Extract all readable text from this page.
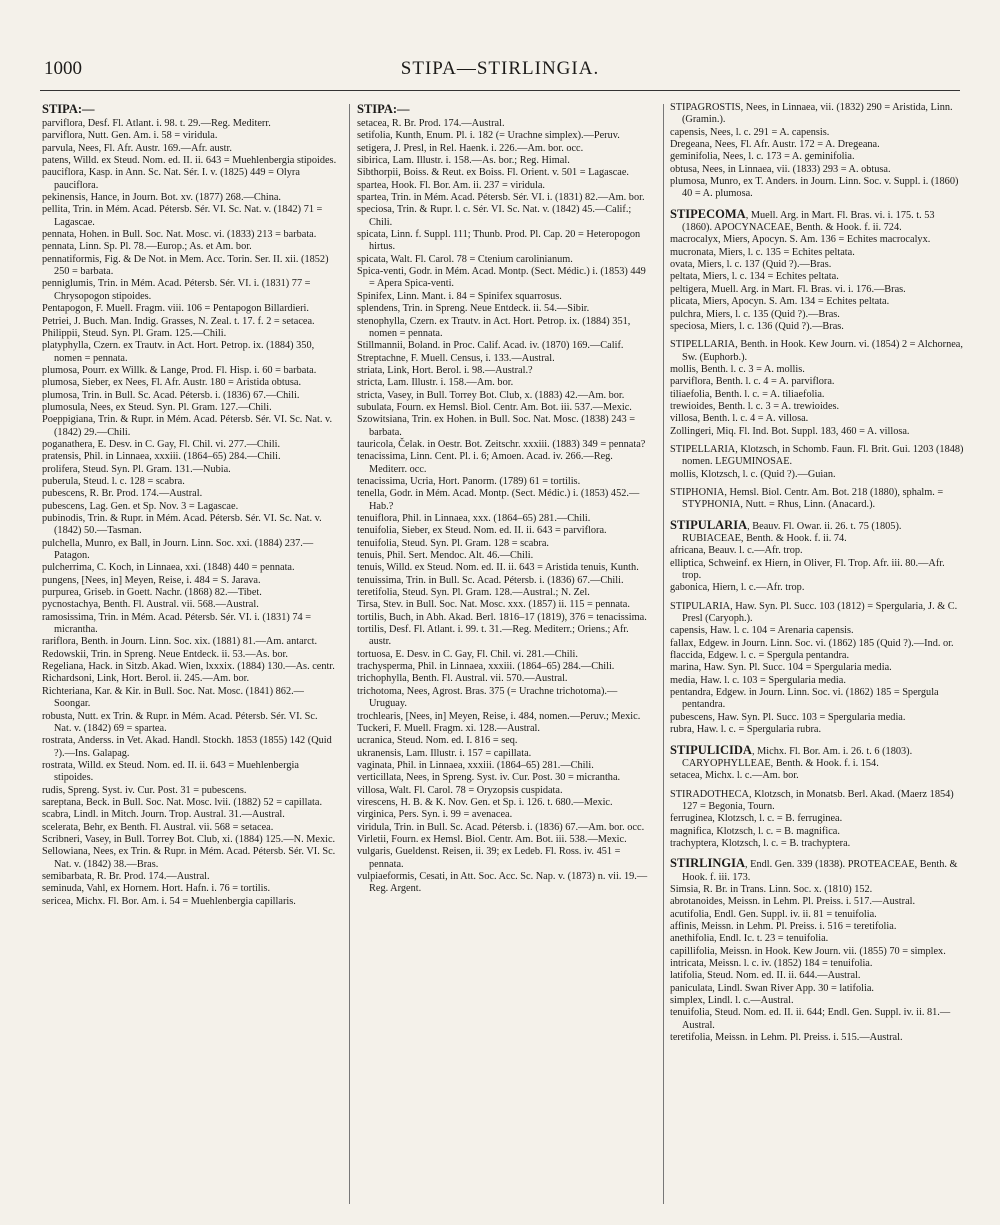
1000	STIPA—STIRLINGIA.

STIPA:—

parviflora, Desf. Fl. Atlant. i. 98. t. 29.—Reg. Mediterr.

parviflora, Nutt. Gen. Am. i. 58 = viridula.

parvula, Nees, Fl. Afr. Austr. 169.—Afr. austr.

patens, Willd. ex Steud. Nom. ed. II. ii. 643 = Muehlenbergia stipoides.

pauciflora, Kasp. in Ann. Sc. Nat. Sér. I. v. (1825) 449 = Olyra pauciflora.

pekinensis, Hance, in Journ. Bot. xv. (1877) 268.—China.

pellita, Trin. in Mém. Acad. Pétersb. Sér. VI. Sc. Nat. v. (1842) 71 = Lagascae.

pennata, Hohen. in Bull. Soc. Nat. Mosc. vi. (1833) 213 = barbata.

pennata, Linn. Sp. Pl. 78.—Europ.; As. et Am. bor.

pennatiformis, Fig. & De Not. in Mem. Acc. Torin. Ser. II. xii. (1852) 250 = barbata.

penniglumis, Trin. in Mém. Acad. Pétersb. Sér. VI. i. (1831) 77 = Chrysopogon stipoides.

Pentapogon, F. Muell. Fragm. viii. 106 = Pentapogon Billardieri.

Petriei, J. Buch. Man. Indig. Grasses, N. Zeal. t. 17. f. 2 = setacea.

Philippii, Steud. Syn. Pl. Gram. 125.—Chili.

platyphylla, Czern. ex Trautv. in Act. Hort. Petrop. ix. (1884) 350, nomen = pennata.

plumosa, Pourr. ex Willk. & Lange, Prod. Fl. Hisp. i. 60 = barbata.

plumosa, Sieber, ex Nees, Fl. Afr. Austr. 180 = Aristida obtusa.

plumosa, Trin. in Bull. Sc. Acad. Pétersb. i. (1836) 67.—Chili.

plumosula, Nees, ex Steud. Syn. Pl. Gram. 127.—Chili.

Poeppigiana, Trin. & Rupr. in Mém. Acad. Pétersb. Sér. VI. Sc. Nat. v. (1842) 29.—Chili.

poganathera, E. Desv. in C. Gay, Fl. Chil. vi. 277.—Chili.

pratensis, Phil. in Linnaea, xxxiii. (1864–65) 284.—Chili.

prolifera, Steud. Syn. Pl. Gram. 131.—Nubia.

puberula, Steud. l. c. 128 = scabra.

pubescens, R. Br. Prod. 174.—Austral.

pubescens, Lag. Gen. et Sp. Nov. 3 = Lagascae.

pubinodis, Trin. & Rupr. in Mém. Acad. Pétersb. Sér. VI. Sc. Nat. v. (1842) 50.—Tasman.

pulchella, Munro, ex Ball, in Journ. Linn. Soc. xxi. (1884) 237.—Patagon.

pulcherrima, C. Koch, in Linnaea, xxi. (1848) 440 = pennata.

pungens, [Nees, in] Meyen, Reise, i. 484 = S. Jarava.

purpurea, Griseb. in Goett. Nachr. (1868) 82.—Tibet.

pycnostachya, Benth. Fl. Austral. vii. 568.—Austral.

ramosissima, Trin. in Mém. Acad. Pétersb. Sér. VI. i. (1831) 74 = micrantha.

rariflora, Benth. in Journ. Linn. Soc. xix. (1881) 81.—Am. antarct.

Redowskii, Trin. in Spreng. Neue Entdeck. ii. 53.—As. bor.

Regeliana, Hack. in Sitzb. Akad. Wien, lxxxix. (1884) 130.—As. centr.

Richardsoni, Link, Hort. Berol. ii. 245.—Am. bor.

Richteriana, Kar. & Kir. in Bull. Soc. Nat. Mosc. (1841) 862.—Soongar.

robusta, Nutt. ex Trin. & Rupr. in Mém. Acad. Pétersb. Sér. VI. Sc. Nat. v. (1842) 69 = spartea.

rostrata, Anderss. in Vet. Akad. Handl. Stockh. 1853 (1855) 142 (Quid ?).—Ins. Galapag.

rostrata, Willd. ex Steud. Nom. ed. II. ii. 643 = Muehlenbergia stipoides.

rudis, Spreng. Syst. iv. Cur. Post. 31 = pubescens.

sareptana, Beck. in Bull. Soc. Nat. Mosc. lvii. (1882) 52 = capillata.

scabra, Lindl. in Mitch. Journ. Trop. Austral. 31.—Austral.

scelerata, Behr, ex Benth. Fl. Austral. vii. 568 = setacea.

Scribneri, Vasey, in Bull. Torrey Bot. Club, xi. (1884) 125.—N. Mexic.

Sellowiana, Nees, ex Trin. & Rupr. in Mém. Acad. Pétersb. Sér. VI. Sc. Nat. v. (1842) 38.—Bras.

semibarbata, R. Br. Prod. 174.—Austral.

seminuda, Vahl, ex Hornem. Hort. Hafn. i. 76 = tortilis.

sericea, Michx. Fl. Bor. Am. i. 54 = Muehlenbergia capillaris.

STIPA:—

setacea, R. Br. Prod. 174.—Austral.

setifolia, Kunth, Enum. Pl. i. 182 (= Urachne simplex).—Peruv.

setigera, J. Presl, in Rel. Haenk. i. 226.—Am. bor. occ.

sibirica, Lam. Illustr. i. 158.—As. bor.; Reg. Himal.

Sibthorpii, Boiss. & Reut. ex Boiss. Fl. Orient. v. 501 = Lagascae.

spartea, Hook. Fl. Bor. Am. ii. 237 = viridula.

spartea, Trin. in Mém. Acad. Pétersb. Sér. VI. i. (1831) 82.—Am. bor.

speciosa, Trin. & Rupr. l. c. Sér. VI. Sc. Nat. v. (1842) 45.—Calif.; Chili.

spicata, Linn. f. Suppl. 111; Thunb. Prod. Pl. Cap. 20 = Heteropogon hirtus.

spicata, Walt. Fl. Carol. 78 = Ctenium carolinianum.

Spica-venti, Godr. in Mém. Acad. Montp. (Sect. Médic.) i. (1853) 449 = Apera Spica-venti.

Spinifex, Linn. Mant. i. 84 = Spinifex squarrosus.

splendens, Trin. in Spreng. Neue Entdeck. ii. 54.—Sibir.

stenophylla, Czern. ex Trautv. in Act. Hort. Petrop. ix. (1884) 351, nomen = pennata.

Stillmannii, Boland. in Proc. Calif. Acad. iv. (1870) 169.—Calif.

Streptachne, F. Muell. Census, i. 133.—Austral.

striata, Link, Hort. Berol. i. 98.—Austral.?

stricta, Lam. Illustr. i. 158.—Am. bor.

stricta, Vasey, in Bull. Torrey Bot. Club, x. (1883) 42.—Am. bor.

subulata, Fourn. ex Hemsl. Biol. Centr. Am. Bot. iii. 537.—Mexic.

Szowitsiana, Trin. ex Hohen. in Bull. Soc. Nat. Mosc. (1838) 243 = barbata.

tauricola, Čelak. in Oestr. Bot. Zeitschr. xxxiii. (1883) 349 = pennata?

tenacissima, Linn. Cent. Pl. i. 6; Amoen. Acad. iv. 266.—Reg. Mediterr. occ.

tenacissima, Ucria, Hort. Panorm. (1789) 61 = tortilis.

tenella, Godr. in Mém. Acad. Montp. (Sect. Médic.) i. (1853) 452.—Hab.?

tenuiflora, Phil. in Linnaea, xxx. (1864–65) 281.—Chili.

tenuifolia, Sieber, ex Steud. Nom. ed. II. ii. 643 = parviflora.

tenuifolia, Steud. Syn. Pl. Gram. 128 = scabra.

tenuis, Phil. Sert. Mendoc. Alt. 46.—Chili.

tenuis, Willd. ex Steud. Nom. ed. II. ii. 643 = Aristida tenuis, Kunth.

tenuissima, Trin. in Bull. Sc. Acad. Pétersb. i. (1836) 67.—Chili.

teretifolia, Steud. Syn. Pl. Gram. 128.—Austral.; N. Zel.

Tirsa, Stev. in Bull. Soc. Nat. Mosc. xxx. (1857) ii. 115 = pennata.

tortilis, Buch, in Abh. Akad. Berl. 1816–17 (1819), 376 = tenacissima.

tortilis, Desf. Fl. Atlant. i. 99. t. 31.—Reg. Mediterr.; Oriens.; Afr. austr.

tortuosa, E. Desv. in C. Gay, Fl. Chil. vi. 281.—Chili.

trachysperma, Phil. in Linnaea, xxxiii. (1864–65) 284.—Chili.

trichophylla, Benth. Fl. Austral. vii. 570.—Austral.

trichotoma, Nees, Agrost. Bras. 375 (= Urachne trichotoma).—Uruguay.

trochlearis, [Nees, in] Meyen, Reise, i. 484, nomen.—Peruv.; Mexic.

Tuckeri, F. Muell. Fragm. xi. 128.—Austral.

ucranica, Steud. Nom. ed. I. 816 = seq.

ukranensis, Lam. Illustr. i. 157 = capillata.

vaginata, Phil. in Linnaea, xxxiii. (1864–65) 281.—Chili.

verticillata, Nees, in Spreng. Syst. iv. Cur. Post. 30 = micrantha.

villosa, Walt. Fl. Carol. 78 = Oryzopsis cuspidata.

virescens, H. B. & K. Nov. Gen. et Sp. i. 126. t. 680.—Mexic.

virginica, Pers. Syn. i. 99 = avenacea.

viridula, Trin. in Bull. Sc. Acad. Pétersb. i. (1836) 67.—Am. bor. occ.

Virletii, Fourn. ex Hemsl. Biol. Centr. Am. Bot. iii. 538.—Mexic.

vulgaris, Gueldenst. Reisen, ii. 39; ex Ledeb. Fl. Ross. iv. 451 = pennata.

vulpiaeformis, Cesati, in Att. Soc. Acc. Sc. Nap. v. (1873) n. vii. 19.—Reg. Argent.

STIPAGROSTIS, Nees, in Linnaea, vii. (1832) 290 = Aristida, Linn. (Gramin.).

capensis, Nees, l. c. 291 = A. capensis.

Dregeana, Nees, Fl. Afr. Austr. 172 = A. Dregeana.

geminifolia, Nees, l. c. 173 = A. geminifolia.

obtusa, Nees, in Linnaea, vii. (1833) 293 = A. obtusa.

plumosa, Munro, ex T. Anders. in Journ. Linn. Soc. v. Suppl. i. (1860) 40 = A. plumosa.

STIPECOMA, Muell. Arg. in Mart. Fl. Bras. vi. i. 175. t. 53 (1860). APOCYNACEAE, Benth. & Hook. f. ii. 724.

macrocalyx, Miers, Apocyn. S. Am. 136 = Echites macrocalyx.

mucronata, Miers, l. c. 135 = Echites peltata.

ovata, Miers, l. c. 137 (Quid ?).—Bras.

peltata, Miers, l. c. 134 = Echites peltata.

peltigera, Muell. Arg. in Mart. Fl. Bras. vi. i. 176.—Bras.

plicata, Miers, Apocyn. S. Am. 134 = Echites peltata.

pulchra, Miers, l. c. 135 (Quid ?).—Bras.

speciosa, Miers, l. c. 136 (Quid ?).—Bras.

STIPELLARIA, Benth. in Hook. Kew Journ. vi. (1854) 2 = Alchornea, Sw. (Euphorb.).

mollis, Benth. l. c. 3 = A. mollis.

parviflora, Benth. l. c. 4 = A. parviflora.

tiliaefolia, Benth. l. c. = A. tiliaefolia.

trewioides, Benth. l. c. 3 = A. trewioides.

villosa, Benth. l. c. 4 = A. villosa.

Zollingeri, Miq. Fl. Ind. Bot. Suppl. 183, 460 = A. villosa.

STIPELLARIA, Klotzsch, in Schomb. Faun. Fl. Brit. Gui. 1203 (1848) nomen. LEGUMINOSAE.

mollis, Klotzsch, l. c. (Quid ?).—Guian.

STIPHONIA, Hemsl. Biol. Centr. Am. Bot. 218 (1880), sphalm. = STYPHONIA, Nutt. = Rhus, Linn. (Anacard.).

STIPULARIA, Beauv. Fl. Owar. ii. 26. t. 75 (1805). RUBIACEAE, Benth. & Hook. f. ii. 74.

africana, Beauv. l. c.—Afr. trop.

elliptica, Schweinf. ex Hiern, in Oliver, Fl. Trop. Afr. iii. 80.—Afr. trop.

gabonica, Hiern, l. c.—Afr. trop.

STIPULARIA, Haw. Syn. Pl. Succ. 103 (1812) = Spergularia, J. & C. Presl (Caryoph.).

capensis, Haw. l. c. 104 = Arenaria capensis.

fallax, Edgew. in Journ. Linn. Soc. vi. (1862) 185 (Quid ?).—Ind. or.

flaccida, Edgew. l. c. = Spergula pentandra.

marina, Haw. Syn. Pl. Succ. 104 = Spergularia media.

media, Haw. l. c. 103 = Spergularia media.

pentandra, Edgew. in Journ. Linn. Soc. vi. (1862) 185 = Spergula pentandra.

pubescens, Haw. Syn. Pl. Succ. 103 = Spergularia media.

rubra, Haw. l. c. = Spergularia rubra.

STIPULICIDA, Michx. Fl. Bor. Am. i. 26. t. 6 (1803). CARYOPHYLLEAE, Benth. & Hook. f. i. 154.

setacea, Michx. l. c.—Am. bor.

STIRADOTHECA, Klotzsch, in Monatsb. Berl. Akad. (Maerz 1854) 127 = Begonia, Tourn.

ferruginea, Klotzsch, l. c. = B. ferruginea.

magnifica, Klotzsch, l. c. = B. magnifica.

trachyptera, Klotzsch, l. c. = B. trachyptera.

STIRLINGIA, Endl. Gen. 339 (1838). PROTEACEAE, Benth. & Hook. f. iii. 173.

Simsia, R. Br. in Trans. Linn. Soc. x. (1810) 152.

abrotanoides, Meissn. in Lehm. Pl. Preiss. i. 517.—Austral.

acutifolia, Endl. Gen. Suppl. iv. ii. 81 = tenuifolia.

affinis, Meissn. in Lehm. Pl. Preiss. i. 516 = teretifolia.

anethifolia, Endl. Ic. t. 23 = tenuifolia.

capillifolia, Meissn. in Hook. Kew Journ. vii. (1855) 70 = simplex.

intricata, Meissn. l. c. iv. (1852) 184 = tenuifolia.

latifolia, Steud. Nom. ed. II. ii. 644.—Austral.

paniculata, Lindl. Swan River App. 30 = latifolia.

simplex, Lindl. l. c.—Austral.

tenuifolia, Steud. Nom. ed. II. ii. 644; Endl. Gen. Suppl. iv. ii. 81.—Austral.

teretifolia, Meissn. in Lehm. Pl. Preiss. i. 515.—Austral.
